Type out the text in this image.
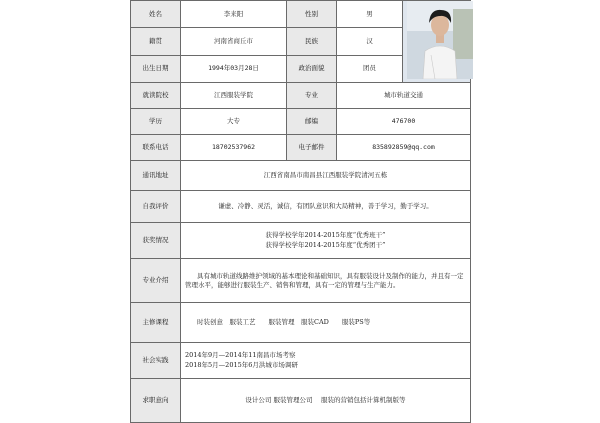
姓名	李来阳	性别	男	
籍贯	河南省商丘市	民族	汉	
出生日期	1994年03月28日	政治面貌	团员	
就读院校	江西服装学院	专业	城市轨道交通	
学历	大专	邮编	476700	
联系电话	18702537962	电子邮件	835892859@qq.com	
通讯地址	江西省南昌市南昌县江西服装学院清河五栋			
自我评价	谦虚、冷静、灵活，诚信，有团队意识和大局精神，善于学习，勤于学习。			
获奖情况	获得学校学年2014-2015年度“优秀班干”
获得学校学年2014-2015年度“优秀团干”			

专业介绍	具有城市轨道线路维护领域的基本理论和基础知识，具有服装设计及制作的能力，并且有一定管理水平，能够进行服装生产、销售和管理，具有一定的管理与生产能力。			
主修课程	时装创意　服装工艺　　服装管理　服装CAD　　服装PS等			
社会实践	2014年9月—2014年11南昌市场考察
2018年5月—2015年6月洪城市场调研			

求职意向	设计公司 服装管理公司　 服装的营销包括计算机制版等			
